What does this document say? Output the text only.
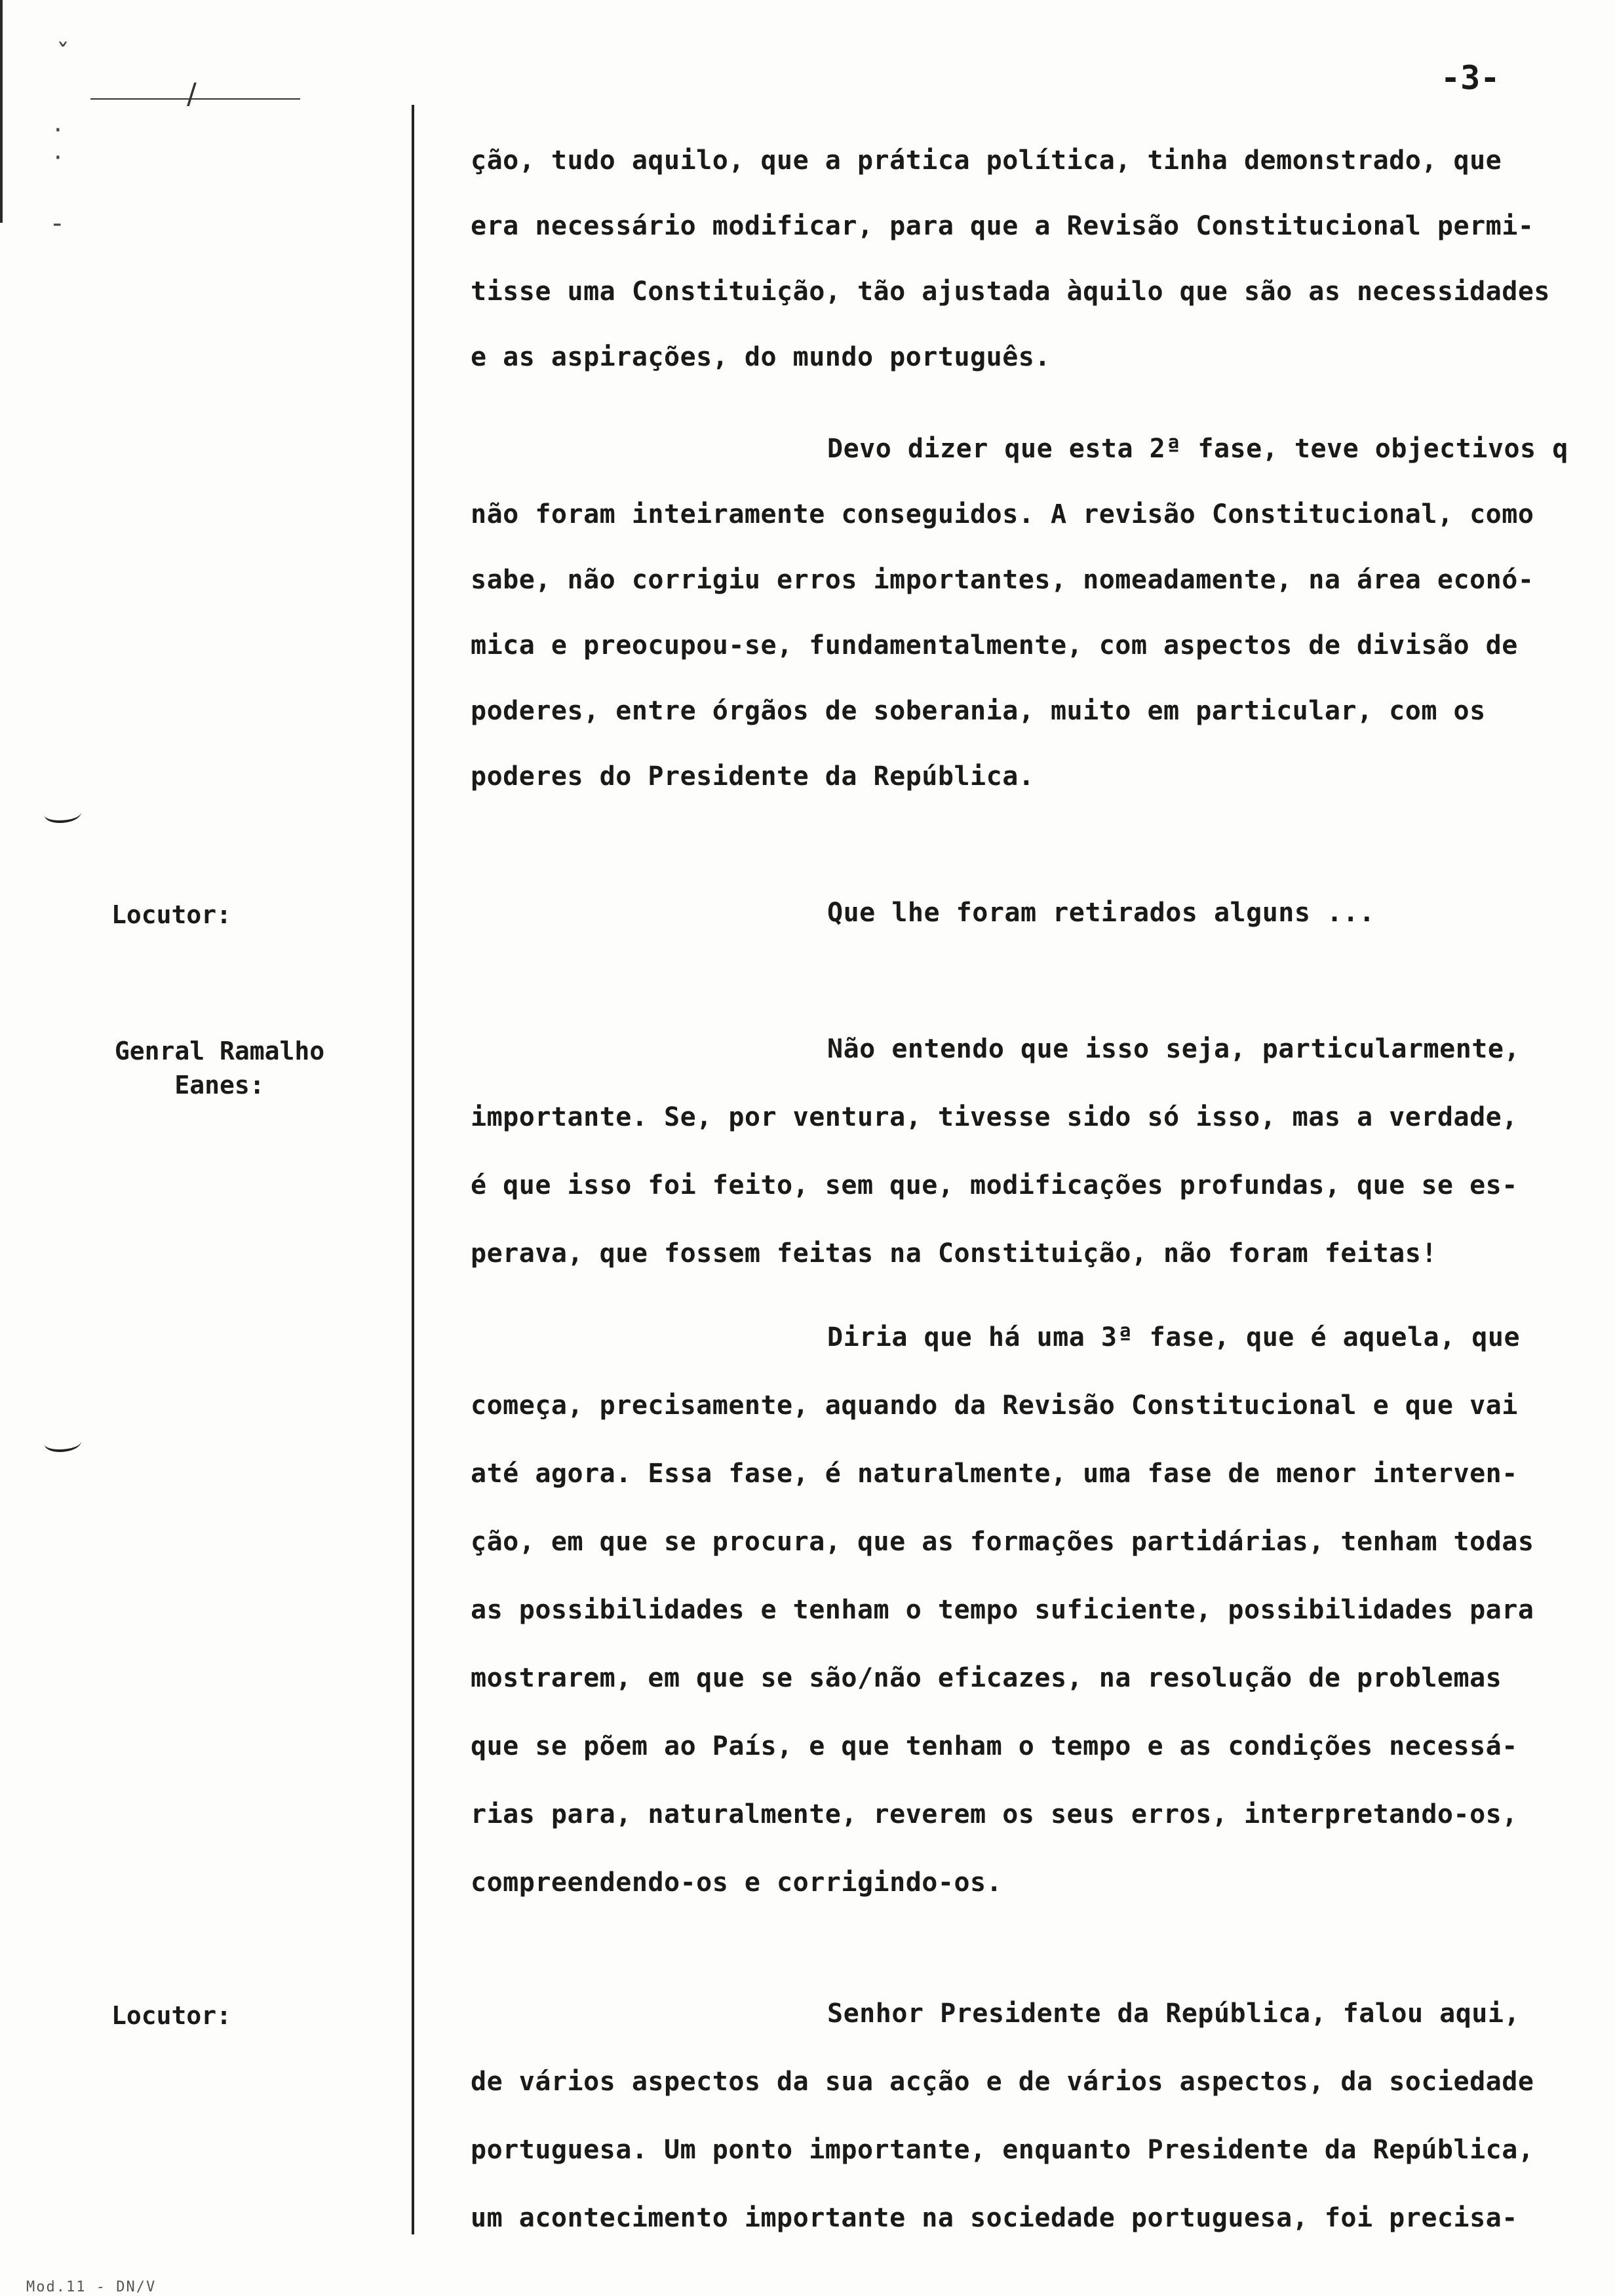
/	-3-
ˇ
·
·
-
Locutor:
Genral Ramalho
Eanes:
Locutor:
ção, tudo aquilo, que a prática política, tinha demonstrado, que
era necessário modificar, para que a Revisão Constitucional permi-
tisse uma Constituição, tão ajustada àquilo que são as necessidades
e as aspirações, do mundo português.
Devo dizer que esta 2ª fase, teve objectivos q
não foram inteiramente conseguidos. A revisão Constitucional, como
sabe, não corrigiu erros importantes, nomeadamente, na área econó-
mica e preocupou-se, fundamentalmente, com aspectos de divisão de
poderes, entre órgãos de soberania, muito em particular, com os
poderes do Presidente da República.
Que lhe foram retirados alguns ...
Não entendo que isso seja, particularmente,
importante. Se, por ventura, tivesse sido só isso, mas a verdade,
é que isso foi feito, sem que, modificações profundas, que se es-
perava, que fossem feitas na Constituição, não foram feitas!
Diria que há uma 3ª fase, que é aquela, que
começa, precisamente, aquando da Revisão Constitucional e que vai
até agora. Essa fase, é naturalmente, uma fase de menor interven-
ção, em que se procura, que as formações partidárias, tenham todas
as possibilidades e tenham o tempo suficiente, possibilidades para
mostrarem, em que se são/não eficazes, na resolução de problemas
que se põem ao País, e que tenham o tempo e as condições necessá-
rias para, naturalmente, reverem os seus erros, interpretando-os,
compreendendo-os e corrigindo-os.
Senhor Presidente da República, falou aqui,
de vários aspectos da sua acção e de vários aspectos, da sociedade
portuguesa. Um ponto importante, enquanto Presidente da República,
um acontecimento importante na sociedade portuguesa, foi precisa-
Mod.11 - DN/V
